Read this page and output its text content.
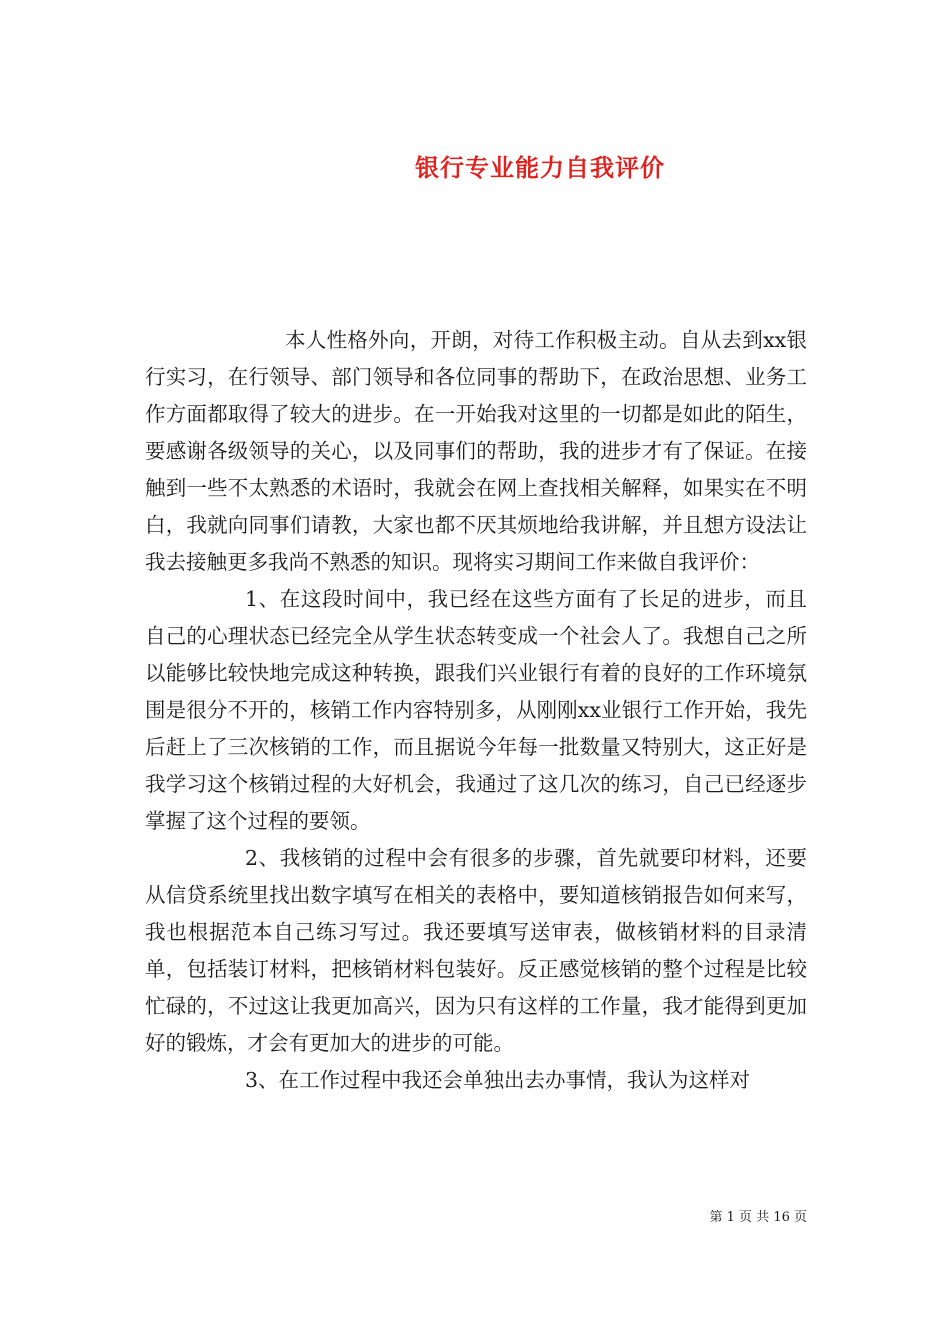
银行专业能力自我评价

本人性格外向，开朗，对待工作积极主动。自从去到xx银行实习，在行领导、部门领导和各位同事的帮助下，在政治思想、业务工作方面都取得了较大的进步。在一开始我对这里的一切都是如此的陌生，要感谢各级领导的关心，以及同事们的帮助，我的进步才有了保证。在接触到一些不太熟悉的术语时，我就会在网上查找相关解释，如果实在不明白，我就向同事们请教，大家也都不厌其烦地给我讲解，并且想方设法让我去接触更多我尚不熟悉的知识。现将实习期间工作来做自我评价：

1、在这段时间中，我已经在这些方面有了长足的进步，而且自己的心理状态已经完全从学生状态转变成一个社会人了。我想自己之所以能够比较快地完成这种转换，跟我们兴业银行有着的良好的工作环境氛围是很分不开的，核销工作内容特别多，从刚刚xx业银行工作开始，我先后赶上了三次核销的工作，而且据说今年每一批数量又特别大，这正好是我学习这个核销过程的大好机会，我通过了这几次的练习，自己已经逐步掌握了这个过程的要领。

2、我核销的过程中会有很多的步骤，首先就要印材料，还要从信贷系统里找出数字填写在相关的表格中，要知道核销报告如何来写，我也根据范本自己练习写过。我还要填写送审表，做核销材料的目录清单，包括装订材料，把核销材料包装好。反正感觉核销的整个过程是比较忙碌的，不过这让我更加高兴，因为只有这样的工作量，我才能得到更加好的锻炼，才会有更加大的进步的可能。

3、在工作过程中我还会单独出去办事情，我认为这样对

第 1 页 共 16 页
